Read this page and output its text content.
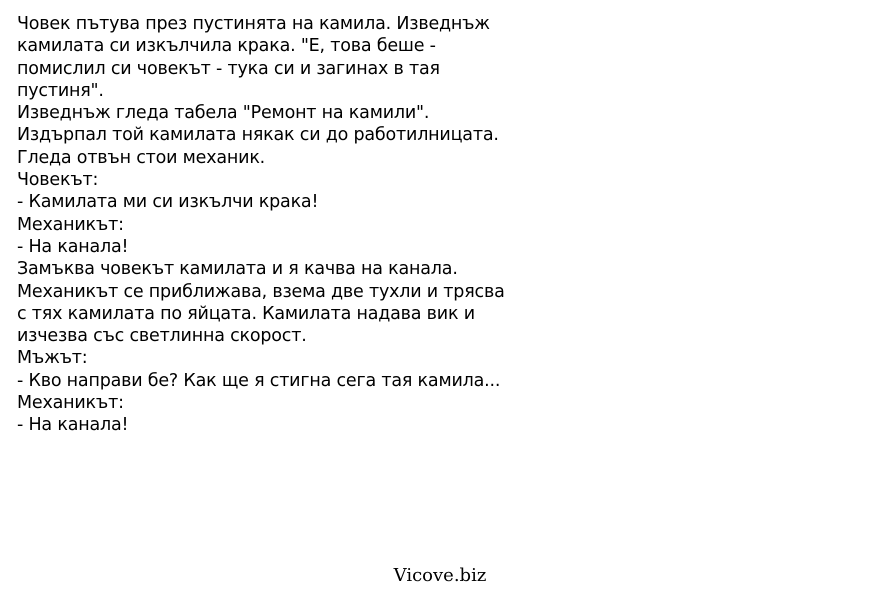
Човек пътува през пустинята на камила. Изведнъж
камилата си изкълчила крака. "Е, това беше -
помислил си човекът - тука си и загинах в тая
пустиня".
Изведнъж гледа табела "Ремонт на камили".
Издърпал той камилата някак си до работилницата.
Гледа отвън стои механик.
Човекът:
- Камилата ми си изкълчи крака!
Механикът:
- На канала!
Замъква човекът камилата и я качва на канала.
Механикът се приближава, взема две тухли и трясва
с тях камилата по яйцата. Камилата надава вик и
изчезва със светлинна скорост.
Мъжът:
- Кво направи бе? Как ще я стигна сега тая камила...
Механикът:
- На канала!
Vicove.biz
